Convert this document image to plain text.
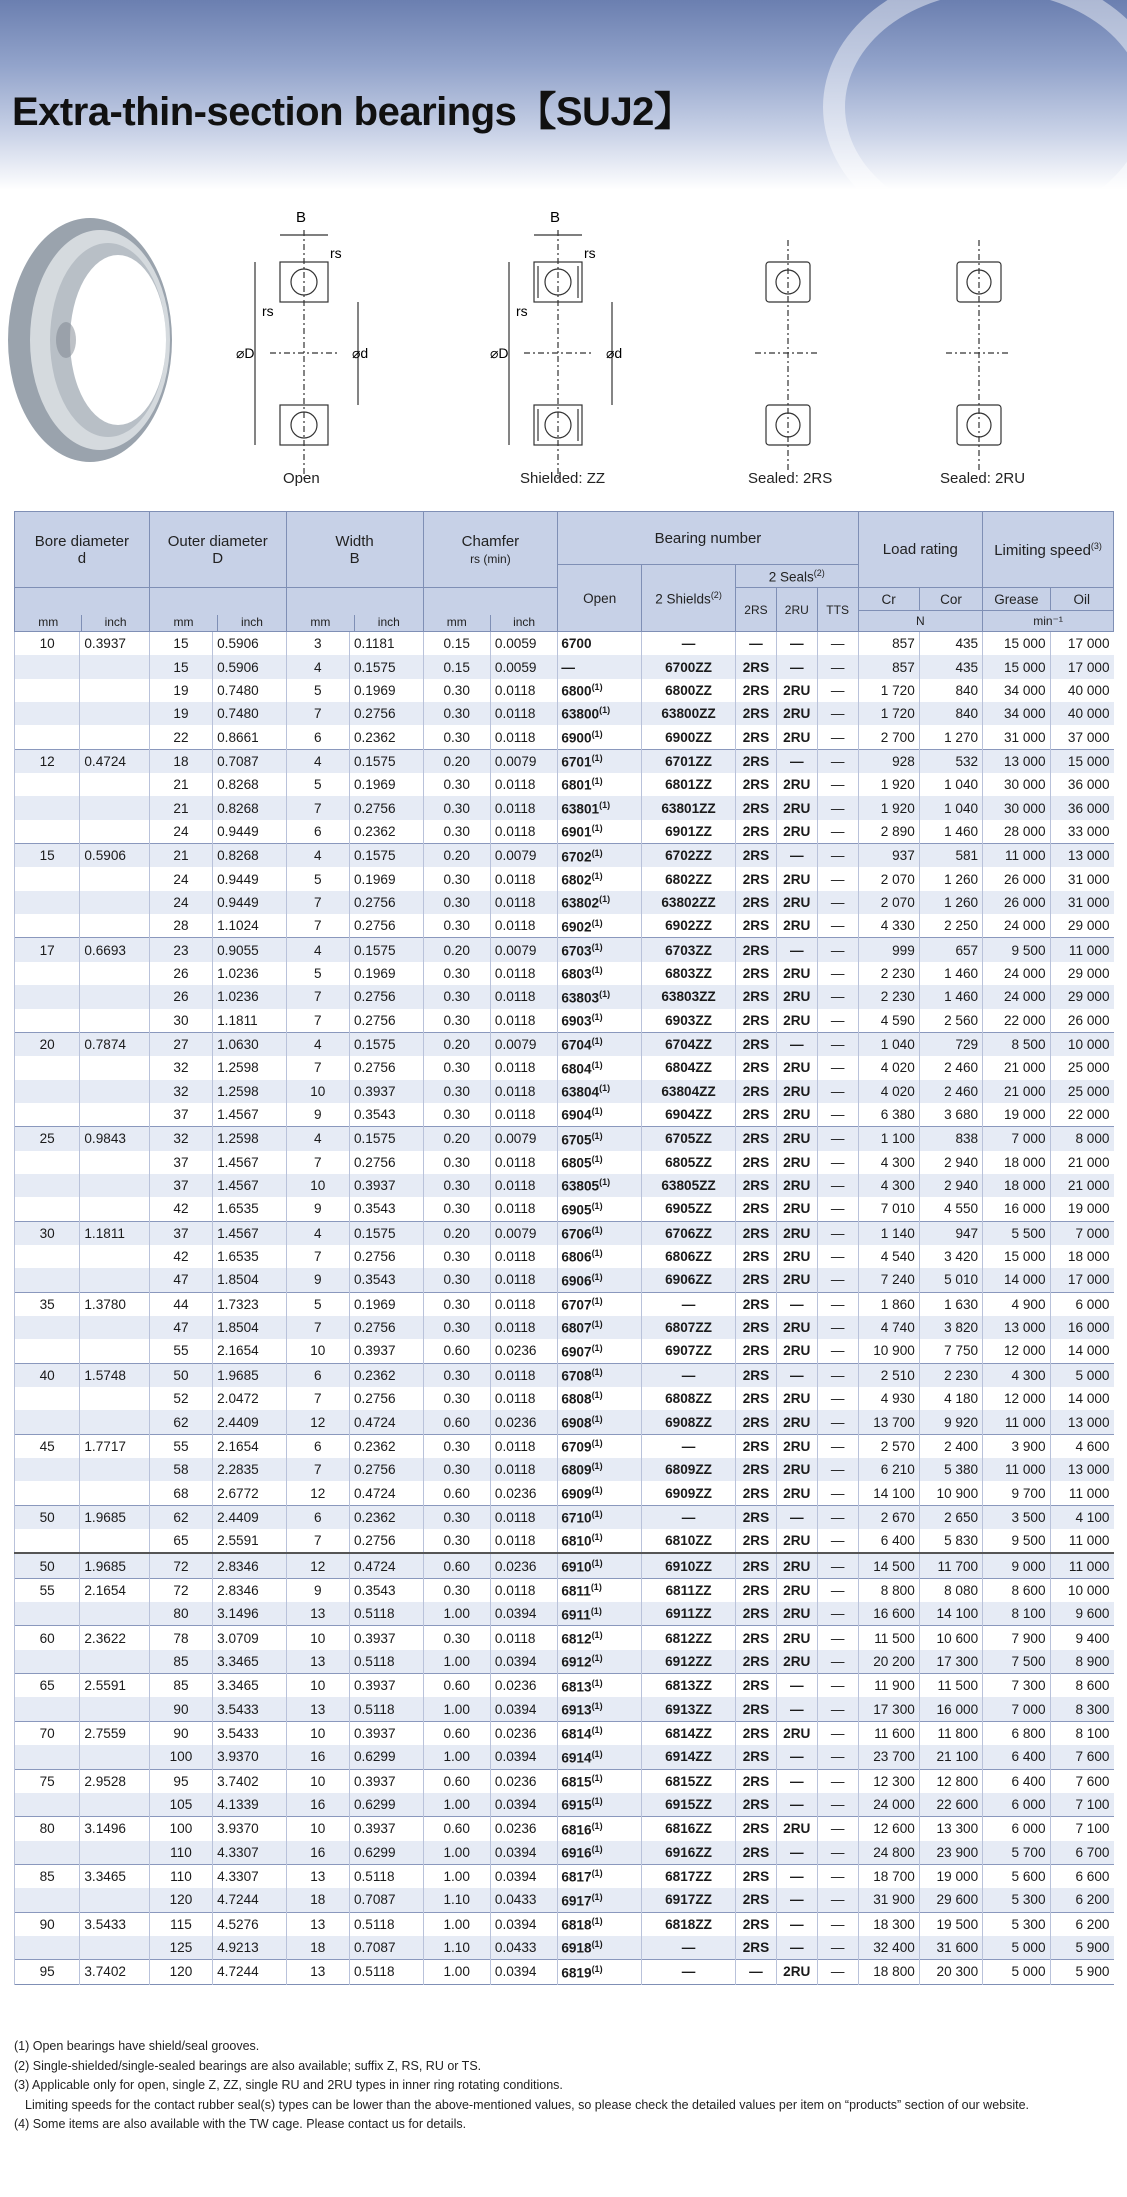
Extra-thin-section bearings【SUJ2】
B
rs
rs
⌀D	⌀d
B
rs
rs
⌀D	⌀d
Open	Shielded: ZZ	Sealed: 2RS	Sealed: 2RU
Bore diameter
d		Outer diameter
D		Width
B		Chamfer
rs (min)		Bearing number					Load rating		Limiting speed$^{(3)}$
								Open	2 Shields$^{(2)}$	2 Seals$^{(2)}$

mm inch		mm inch		mm inch		mm inch				2RS	2RU	TTS	Cr	Cor	Grease	Oil
													N		min⁻¹	
10	0.3937	15	0.5906	3	0.1181	0.15	0.0059	6700	—	—	—	—	857	435	15 000	17 000
		15	0.5906	4	0.1575	0.15	0.0059	—	6700ZZ	2RS	—	—	857	435	15 000	17 000
		19	0.7480	5	0.1969	0.30	0.0118	6800$^{(1)}$	6800ZZ	2RS	2RU	—	1 720	840	34 000	40 000
		19	0.7480	7	0.2756	0.30	0.0118	63800$^{(1)}$	63800ZZ	2RS	2RU	—	1 720	840	34 000	40 000
		22	0.8661	6	0.2362	0.30	0.0118	6900$^{(1)}$	6900ZZ	2RS	2RU	—	2 700	1 270	31 000	37 000
12	0.4724	18	0.7087	4	0.1575	0.20	0.0079	6701$^{(1)}$	6701ZZ	2RS	—	—	928	532	13 000	15 000
		21	0.8268	5	0.1969	0.30	0.0118	6801$^{(1)}$	6801ZZ	2RS	2RU	—	1 920	1 040	30 000	36 000
		21	0.8268	7	0.2756	0.30	0.0118	63801$^{(1)}$	63801ZZ	2RS	2RU	—	1 920	1 040	30 000	36 000
		24	0.9449	6	0.2362	0.30	0.0118	6901$^{(1)}$	6901ZZ	2RS	2RU	—	2 890	1 460	28 000	33 000
15	0.5906	21	0.8268	4	0.1575	0.20	0.0079	6702$^{(1)}$	6702ZZ	2RS	—	—	937	581	11 000	13 000
		24	0.9449	5	0.1969	0.30	0.0118	6802$^{(1)}$	6802ZZ	2RS	2RU	—	2 070	1 260	26 000	31 000
		24	0.9449	7	0.2756	0.30	0.0118	63802$^{(1)}$	63802ZZ	2RS	2RU	—	2 070	1 260	26 000	31 000
		28	1.1024	7	0.2756	0.30	0.0118	6902$^{(1)}$	6902ZZ	2RS	2RU	—	4 330	2 250	24 000	29 000
17	0.6693	23	0.9055	4	0.1575	0.20	0.0079	6703$^{(1)}$	6703ZZ	2RS	—	—	999	657	9 500	11 000
		26	1.0236	5	0.1969	0.30	0.0118	6803$^{(1)}$	6803ZZ	2RS	2RU	—	2 230	1 460	24 000	29 000
		26	1.0236	7	0.2756	0.30	0.0118	63803$^{(1)}$	63803ZZ	2RS	2RU	—	2 230	1 460	24 000	29 000
		30	1.1811	7	0.2756	0.30	0.0118	6903$^{(1)}$	6903ZZ	2RS	2RU	—	4 590	2 560	22 000	26 000
20	0.7874	27	1.0630	4	0.1575	0.20	0.0079	6704$^{(1)}$	6704ZZ	2RS	—	—	1 040	729	8 500	10 000
		32	1.2598	7	0.2756	0.30	0.0118	6804$^{(1)}$	6804ZZ	2RS	2RU	—	4 020	2 460	21 000	25 000
		32	1.2598	10	0.3937	0.30	0.0118	63804$^{(1)}$	63804ZZ	2RS	2RU	—	4 020	2 460	21 000	25 000
		37	1.4567	9	0.3543	0.30	0.0118	6904$^{(1)}$	6904ZZ	2RS	2RU	—	6 380	3 680	19 000	22 000
25	0.9843	32	1.2598	4	0.1575	0.20	0.0079	6705$^{(1)}$	6705ZZ	2RS	2RU	—	1 100	838	7 000	8 000
		37	1.4567	7	0.2756	0.30	0.0118	6805$^{(1)}$	6805ZZ	2RS	2RU	—	4 300	2 940	18 000	21 000
		37	1.4567	10	0.3937	0.30	0.0118	63805$^{(1)}$	63805ZZ	2RS	2RU	—	4 300	2 940	18 000	21 000
		42	1.6535	9	0.3543	0.30	0.0118	6905$^{(1)}$	6905ZZ	2RS	2RU	—	7 010	4 550	16 000	19 000
30	1.1811	37	1.4567	4	0.1575	0.20	0.0079	6706$^{(1)}$	6706ZZ	2RS	2RU	—	1 140	947	5 500	7 000
		42	1.6535	7	0.2756	0.30	0.0118	6806$^{(1)}$	6806ZZ	2RS	2RU	—	4 540	3 420	15 000	18 000
		47	1.8504	9	0.3543	0.30	0.0118	6906$^{(1)}$	6906ZZ	2RS	2RU	—	7 240	5 010	14 000	17 000
35	1.3780	44	1.7323	5	0.1969	0.30	0.0118	6707$^{(1)}$	—	2RS	—	—	1 860	1 630	4 900	6 000
		47	1.8504	7	0.2756	0.30	0.0118	6807$^{(1)}$	6807ZZ	2RS	2RU	—	4 740	3 820	13 000	16 000
		55	2.1654	10	0.3937	0.60	0.0236	6907$^{(1)}$	6907ZZ	2RS	2RU	—	10 900	7 750	12 000	14 000
40	1.5748	50	1.9685	6	0.2362	0.30	0.0118	6708$^{(1)}$	—	2RS	—	—	2 510	2 230	4 300	5 000
		52	2.0472	7	0.2756	0.30	0.0118	6808$^{(1)}$	6808ZZ	2RS	2RU	—	4 930	4 180	12 000	14 000
		62	2.4409	12	0.4724	0.60	0.0236	6908$^{(1)}$	6908ZZ	2RS	2RU	—	13 700	9 920	11 000	13 000
45	1.7717	55	2.1654	6	0.2362	0.30	0.0118	6709$^{(1)}$	—	2RS	2RU	—	2 570	2 400	3 900	4 600
		58	2.2835	7	0.2756	0.30	0.0118	6809$^{(1)}$	6809ZZ	2RS	2RU	—	6 210	5 380	11 000	13 000
		68	2.6772	12	0.4724	0.60	0.0236	6909$^{(1)}$	6909ZZ	2RS	2RU	—	14 100	10 900	9 700	11 000
50	1.9685	62	2.4409	6	0.2362	0.30	0.0118	6710$^{(1)}$	—	2RS	—	—	2 670	2 650	3 500	4 100
		65	2.5591	7	0.2756	0.30	0.0118	6810$^{(1)}$	6810ZZ	2RS	2RU	—	6 400	5 830	9 500	11 000
50	1.9685	72	2.8346	12	0.4724	0.60	0.0236	6910$^{(1)}$	6910ZZ	2RS	2RU	—	14 500	11 700	9 000	11 000
55	2.1654	72	2.8346	9	0.3543	0.30	0.0118	6811$^{(1)}$	6811ZZ	2RS	2RU	—	8 800	8 080	8 600	10 000
		80	3.1496	13	0.5118	1.00	0.0394	6911$^{(1)}$	6911ZZ	2RS	2RU	—	16 600	14 100	8 100	9 600
60	2.3622	78	3.0709	10	0.3937	0.30	0.0118	6812$^{(1)}$	6812ZZ	2RS	2RU	—	11 500	10 600	7 900	9 400
		85	3.3465	13	0.5118	1.00	0.0394	6912$^{(1)}$	6912ZZ	2RS	2RU	—	20 200	17 300	7 500	8 900
65	2.5591	85	3.3465	10	0.3937	0.60	0.0236	6813$^{(1)}$	6813ZZ	2RS	—	—	11 900	11 500	7 300	8 600
		90	3.5433	13	0.5118	1.00	0.0394	6913$^{(1)}$	6913ZZ	2RS	—	—	17 300	16 000	7 000	8 300
70	2.7559	90	3.5433	10	0.3937	0.60	0.0236	6814$^{(1)}$	6814ZZ	2RS	2RU	—	11 600	11 800	6 800	8 100
		100	3.9370	16	0.6299	1.00	0.0394	6914$^{(1)}$	6914ZZ	2RS	—	—	23 700	21 100	6 400	7 600
75	2.9528	95	3.7402	10	0.3937	0.60	0.0236	6815$^{(1)}$	6815ZZ	2RS	—	—	12 300	12 800	6 400	7 600
		105	4.1339	16	0.6299	1.00	0.0394	6915$^{(1)}$	6915ZZ	2RS	—	—	24 000	22 600	6 000	7 100
80	3.1496	100	3.9370	10	0.3937	0.60	0.0236	6816$^{(1)}$	6816ZZ	2RS	2RU	—	12 600	13 300	6 000	7 100
		110	4.3307	16	0.6299	1.00	0.0394	6916$^{(1)}$	6916ZZ	2RS	—	—	24 800	23 900	5 700	6 700
85	3.3465	110	4.3307	13	0.5118	1.00	0.0394	6817$^{(1)}$	6817ZZ	2RS	—	—	18 700	19 000	5 600	6 600
		120	4.7244	18	0.7087	1.10	0.0433	6917$^{(1)}$	6917ZZ	2RS	—	—	31 900	29 600	5 300	6 200
90	3.5433	115	4.5276	13	0.5118	1.00	0.0394	6818$^{(1)}$	6818ZZ	2RS	—	—	18 300	19 500	5 300	6 200
		125	4.9213	18	0.7087	1.10	0.0433	6918$^{(1)}$	—	2RS	—	—	32 400	31 600	5 000	5 900
95	3.7402	120	4.7244	13	0.5118	1.00	0.0394	6819$^{(1)}$	—	—	2RU	—	18 800	20 300	5 000	5 900

(1) Open bearings have shield/seal grooves.

(2) Single-shielded/single-sealed bearings are also available; suffix Z, RS, RU or TS.

(3) Applicable only for open, single Z, ZZ, single RU and 2RU types in inner ring rotating conditions.

Limiting speeds for the contact rubber seal(s) types can be lower than the above-mentioned values, so please check the detailed values per item on “products” section of our website.

(4) Some items are also available with the TW cage. Please contact us for details.
